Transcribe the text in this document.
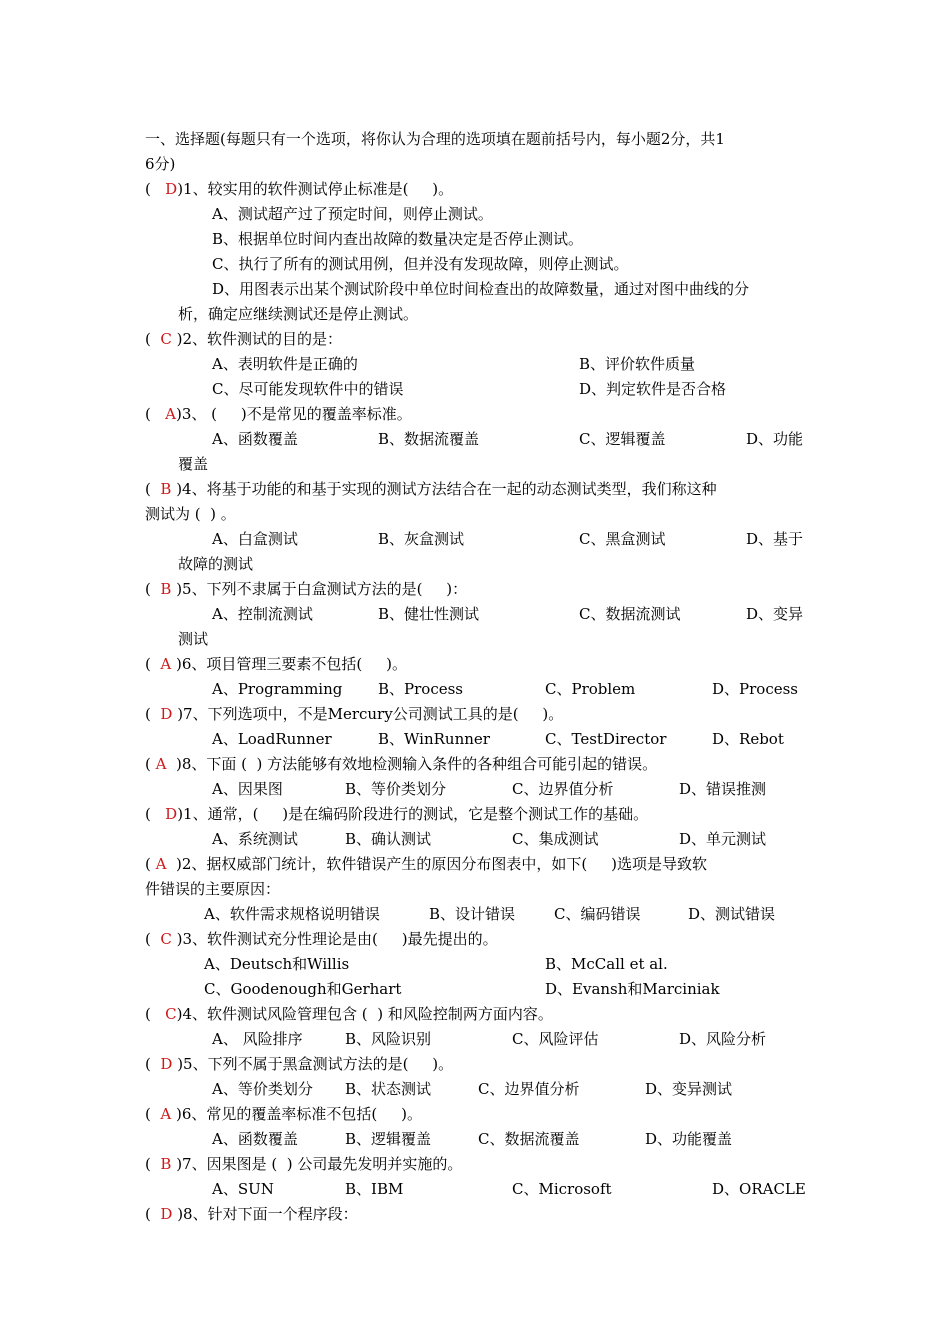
一、选择题(每题只有一个选项，将你认为合理的选项填在题前括号内，每小题2分，共1
6分)
(   D)1、较实用的软件测试停止标准是(     )。
A、测试超产过了预定时间，则停止测试。
B、根据单位时间内查出故障的数量决定是否停止测试。
C、执行了所有的测试用例，但并没有发现故障，则停止测试。
D、用图表示出某个测试阶段中单位时间检查出的故障数量，通过对图中曲线的分
析，确定应继续测试还是停止测试。
(  C )2、软件测试的目的是：
A、表明软件是正确的	B、评价软件质量
C、尽可能发现软件中的错误	D、判定软件是否合格
(   A)3、 (     )不是常见的覆盖率标准。
A、函数覆盖	B、数据流覆盖	C、逻辑覆盖	D、功能
覆盖
(  B )4、将基于功能的和基于实现的测试方法结合在一起的动态测试类型，我们称这种
测试为 (  ) 。
A、白盒测试	B、灰盒测试	C、黑盒测试	D、基于
故障的测试
(  B )5、下列不隶属于白盒测试方法的是(     )：
A、控制流测试	B、健壮性测试	C、数据流测试	D、变异
测试
(  A )6、项目管理三要素不包括(     )。
A、Programming B、Process	C、Problem	D、Process
(  D )7、下列选项中，不是Mercury公司测试工具的是(     )。
A、LoadRunner	B、WinRunner	C、TestDirector	D、Rebot
( A  )8、下面 (  ) 方法能够有效地检测输入条件的各种组合可能引起的错误。
A、因果图	B、等价类划分	C、边界值分析	D、错误推测
(   D)1、通常，(     )是在编码阶段进行的测试，它是整个测试工作的基础。
A、系统测试	B、确认测试	C、集成测试	D、单元测试
( A  )2、据权威部门统计，软件错误产生的原因分布图表中，如下(     )选项是导致软
件错误的主要原因：
A、软件需求规格说明错误	B、设计错误	C、编码错误	D、测试错误
(  C )3、软件测试充分性理论是由(     )最先提出的。
A、Deutsch和Willis	B、McCall et al.
C、Goodenough和Gerhart	D、Evansh和Marciniak
(   C)4、软件测试风险管理包含 (  ) 和风险控制两方面内容。
A、 风险排序	B、风险识别	C、风险评估	D、风险分析
(  D )5、下列不属于黑盒测试方法的是(     )。
A、等价类划分 B、状态测试	C、边界值分析	D、变异测试
(  A )6、常见的覆盖率标准不包括(     )。
A、函数覆盖	B、逻辑覆盖	C、数据流覆盖	D、功能覆盖
(  B )7、因果图是 (  ) 公司最先发明并实施的。
A、SUN	B、IBM	C、Microsoft	D、ORACLE
(  D )8、针对下面一个程序段：
